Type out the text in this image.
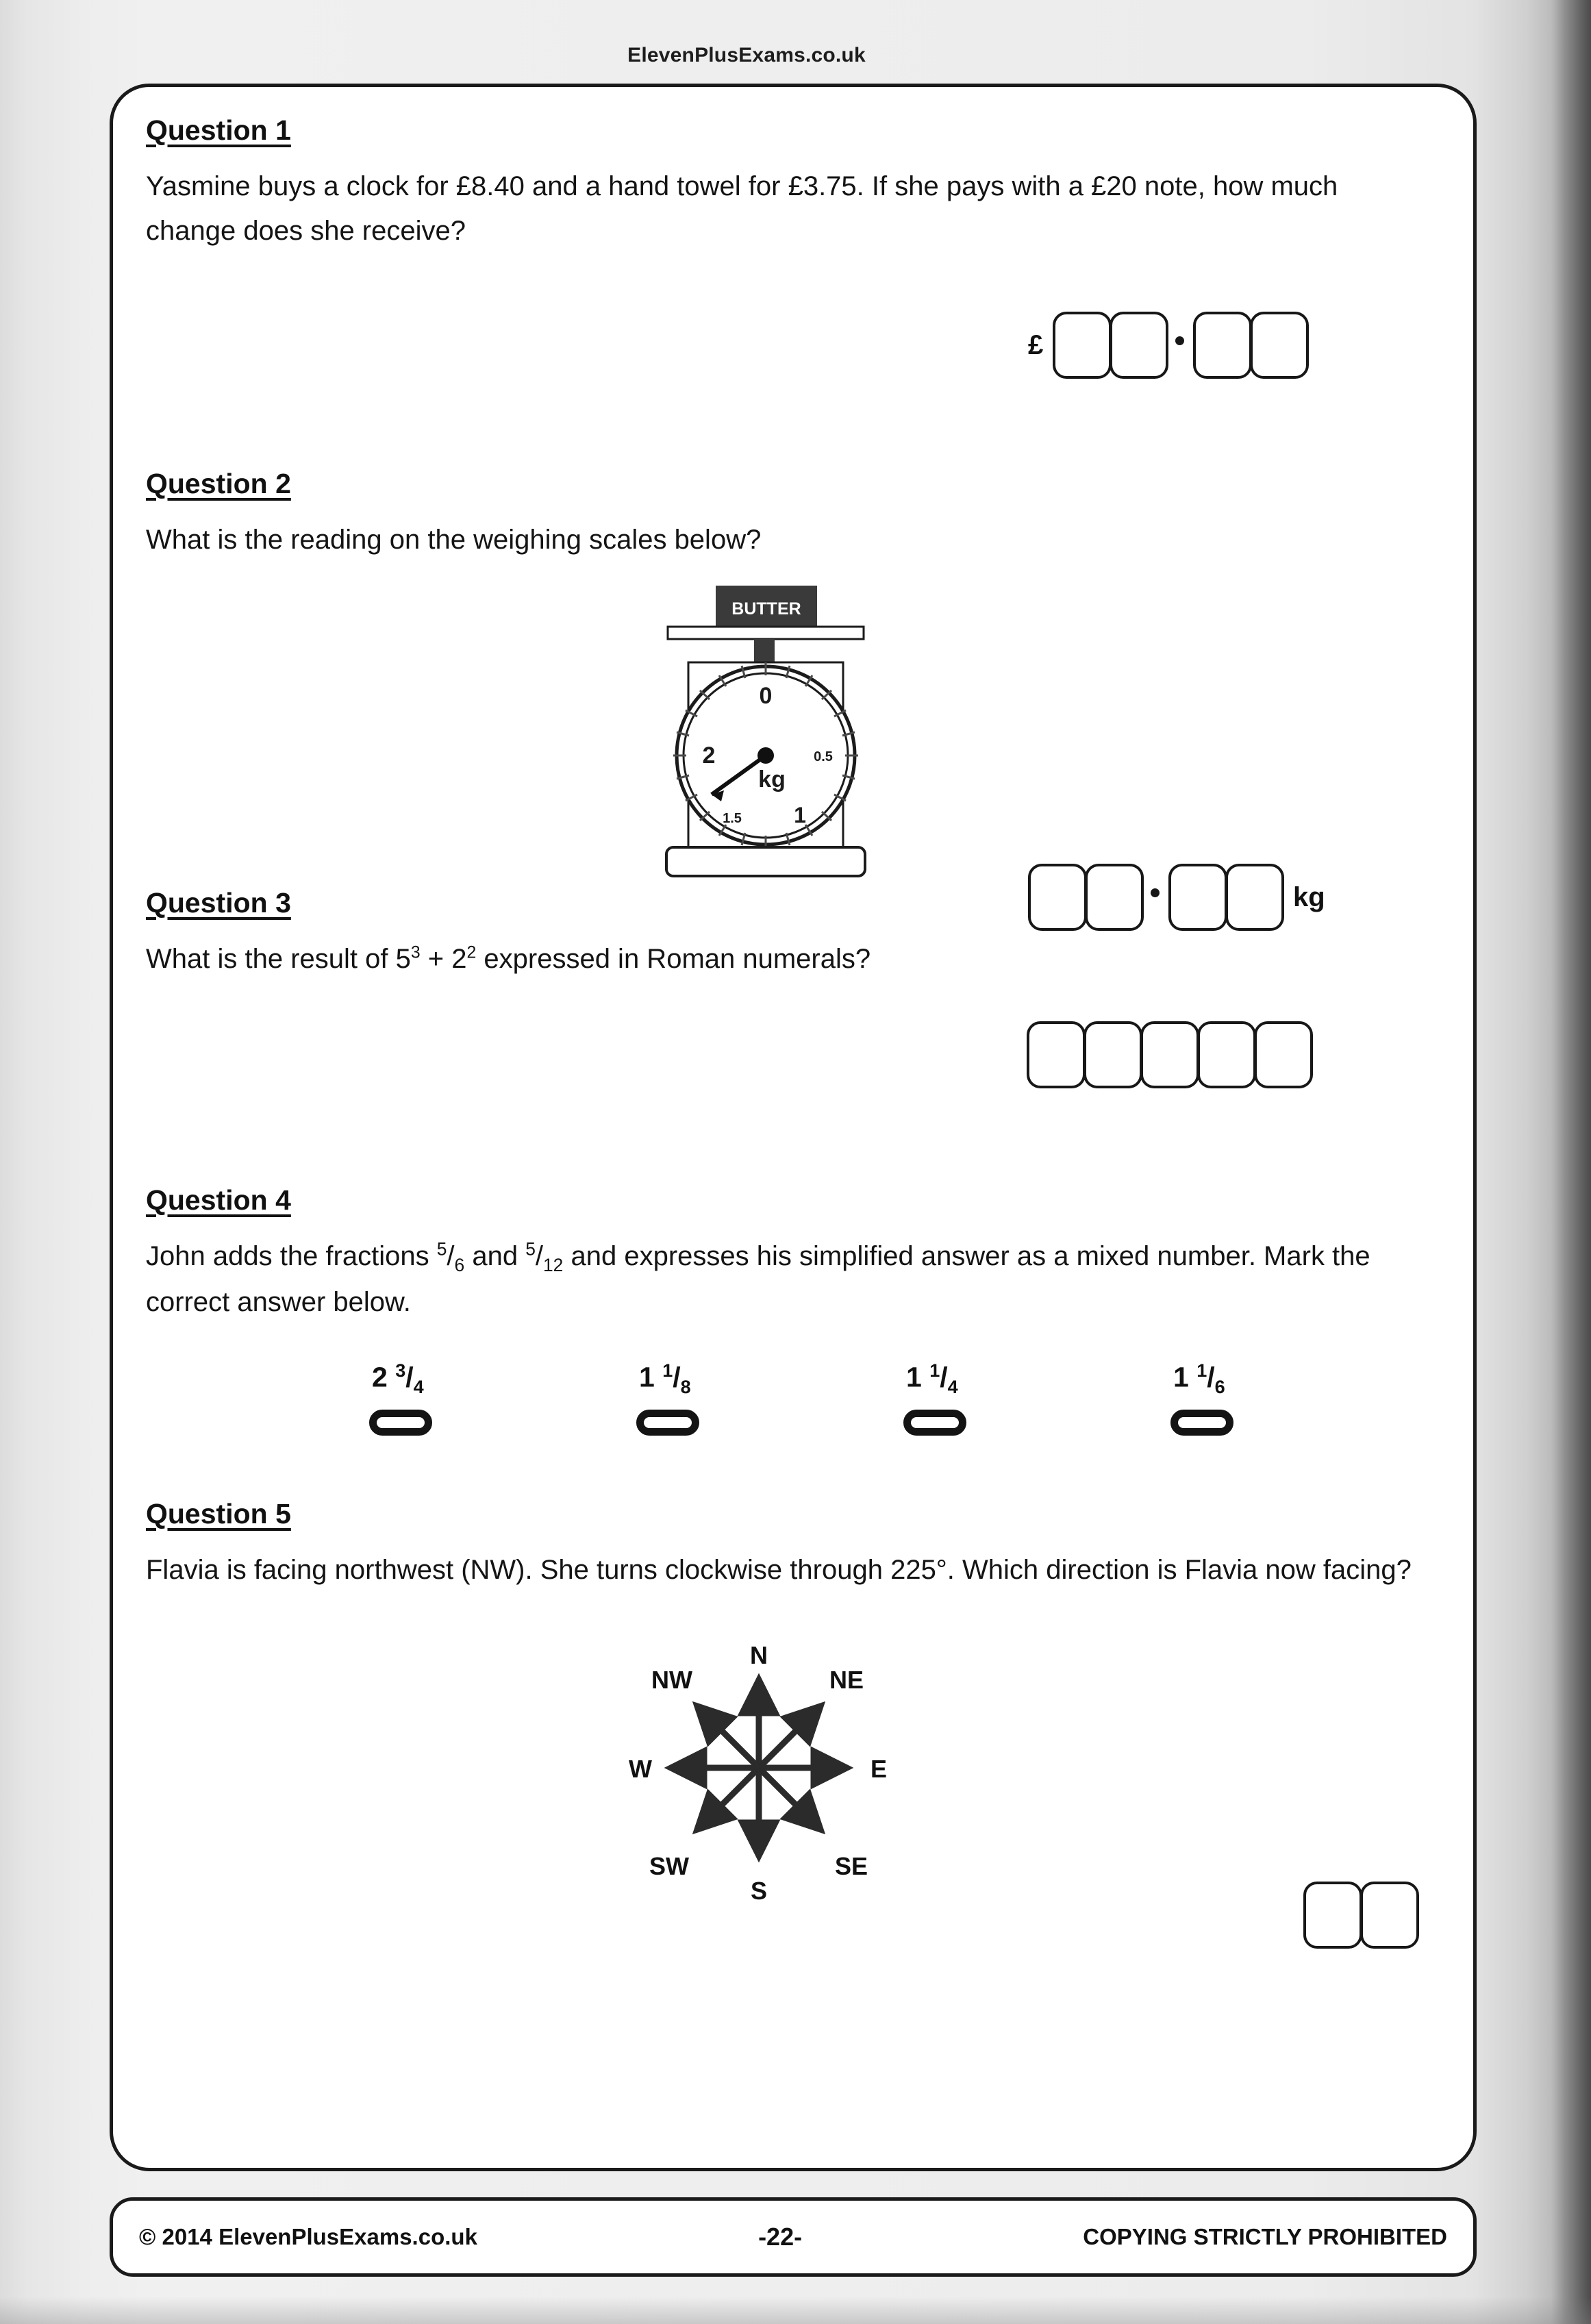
ElevenPlusExams.co.uk
Question 1
Yasmine buys a clock for £8.40 and a hand towel for £3.75. If she pays with a £20 note, how much change does she receive?
£
Question 2
What is the reading on the weighing scales below?
BUTTER
0
0.5
1
1.5
2
kg
kg
Question 3
What is the result of $5^3 + 2^2$ expressed in Roman numerals?
Question 4
John adds the fractions $^5/_6$ and $^5/_{12}$ and expresses his simplified answer as a mixed number. Mark the correct answer below.
2 $^3/_4$	1 $^1/_8$	1 $^1/_4$	1 $^1/_6$
Question 5
Flavia is facing northwest (NW). She turns clockwise through 225°. Which direction is Flavia now facing?
N
NE
E
SE
S
SW
W
NW
© 2014 ElevenPlusExams.co.uk	-22-	COPYING STRICTLY PROHIBITED
